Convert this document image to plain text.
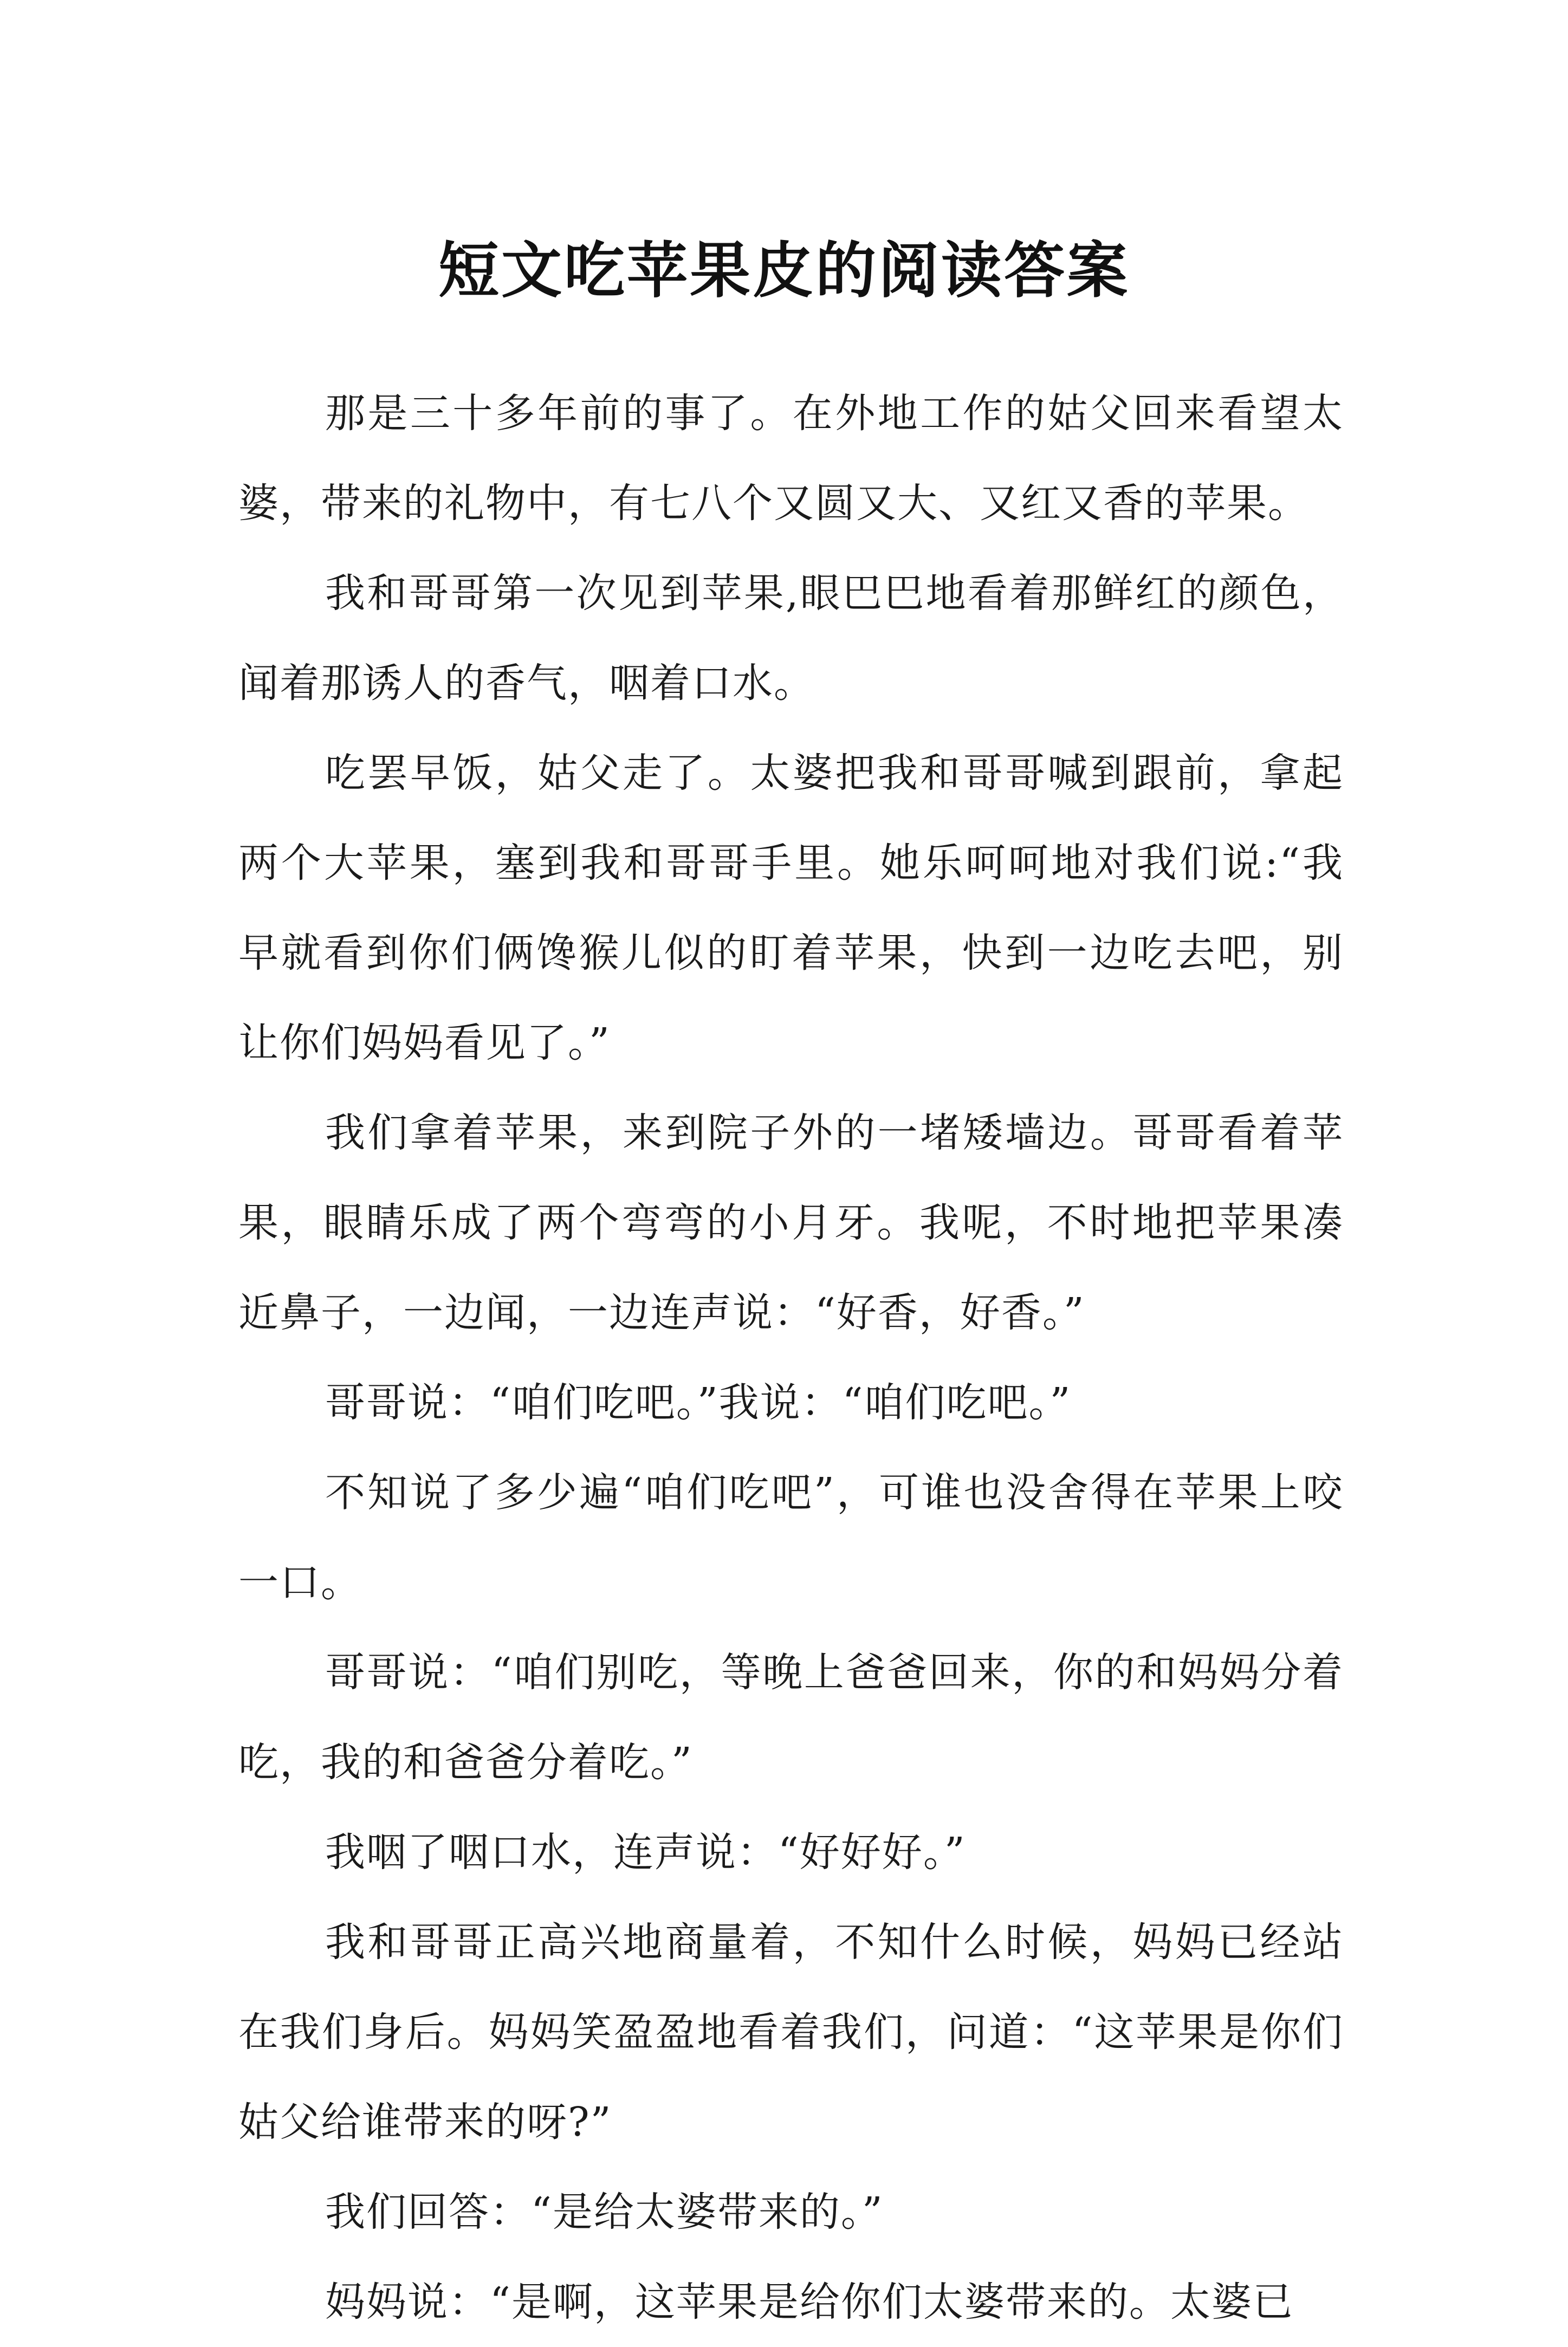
短文吃苹果皮的阅读答案

那是三十多年前的事了。在外地工作的姑父回来看望太婆，带来的礼物中，有七八个又圆又大、又红又香的苹果。

我和哥哥第一次见到苹果,眼巴巴地看着那鲜红的颜色，闻着那诱人的香气，咽着口水。

吃罢早饭，姑父走了。太婆把我和哥哥喊到跟前，拿起两个大苹果，塞到我和哥哥手里。她乐呵呵地对我们说:“我早就看到你们俩馋猴儿似的盯着苹果，快到一边吃去吧，别让你们妈妈看见了。”

我们拿着苹果，来到院子外的一堵矮墙边。哥哥看着苹果，眼睛乐成了两个弯弯的小月牙。我呢，不时地把苹果凑近鼻子，一边闻，一边连声说：“好香，好香。”

哥哥说：“咱们吃吧。”我说：“咱们吃吧。”

不知说了多少遍“咱们吃吧”，可谁也没舍得在苹果上咬一口。

哥哥说：“咱们别吃，等晚上爸爸回来，你的和妈妈分着吃，我的和爸爸分着吃。”

我咽了咽口水，连声说：“好好好。”

我和哥哥正高兴地商量着，不知什么时候，妈妈已经站在我们身后。妈妈笑盈盈地看着我们，问道：“这苹果是你们姑父给谁带来的呀?”

我们回答：“是给太婆带来的。”

妈妈说：“是啊，这苹果是给你们太婆带来的。太婆已
